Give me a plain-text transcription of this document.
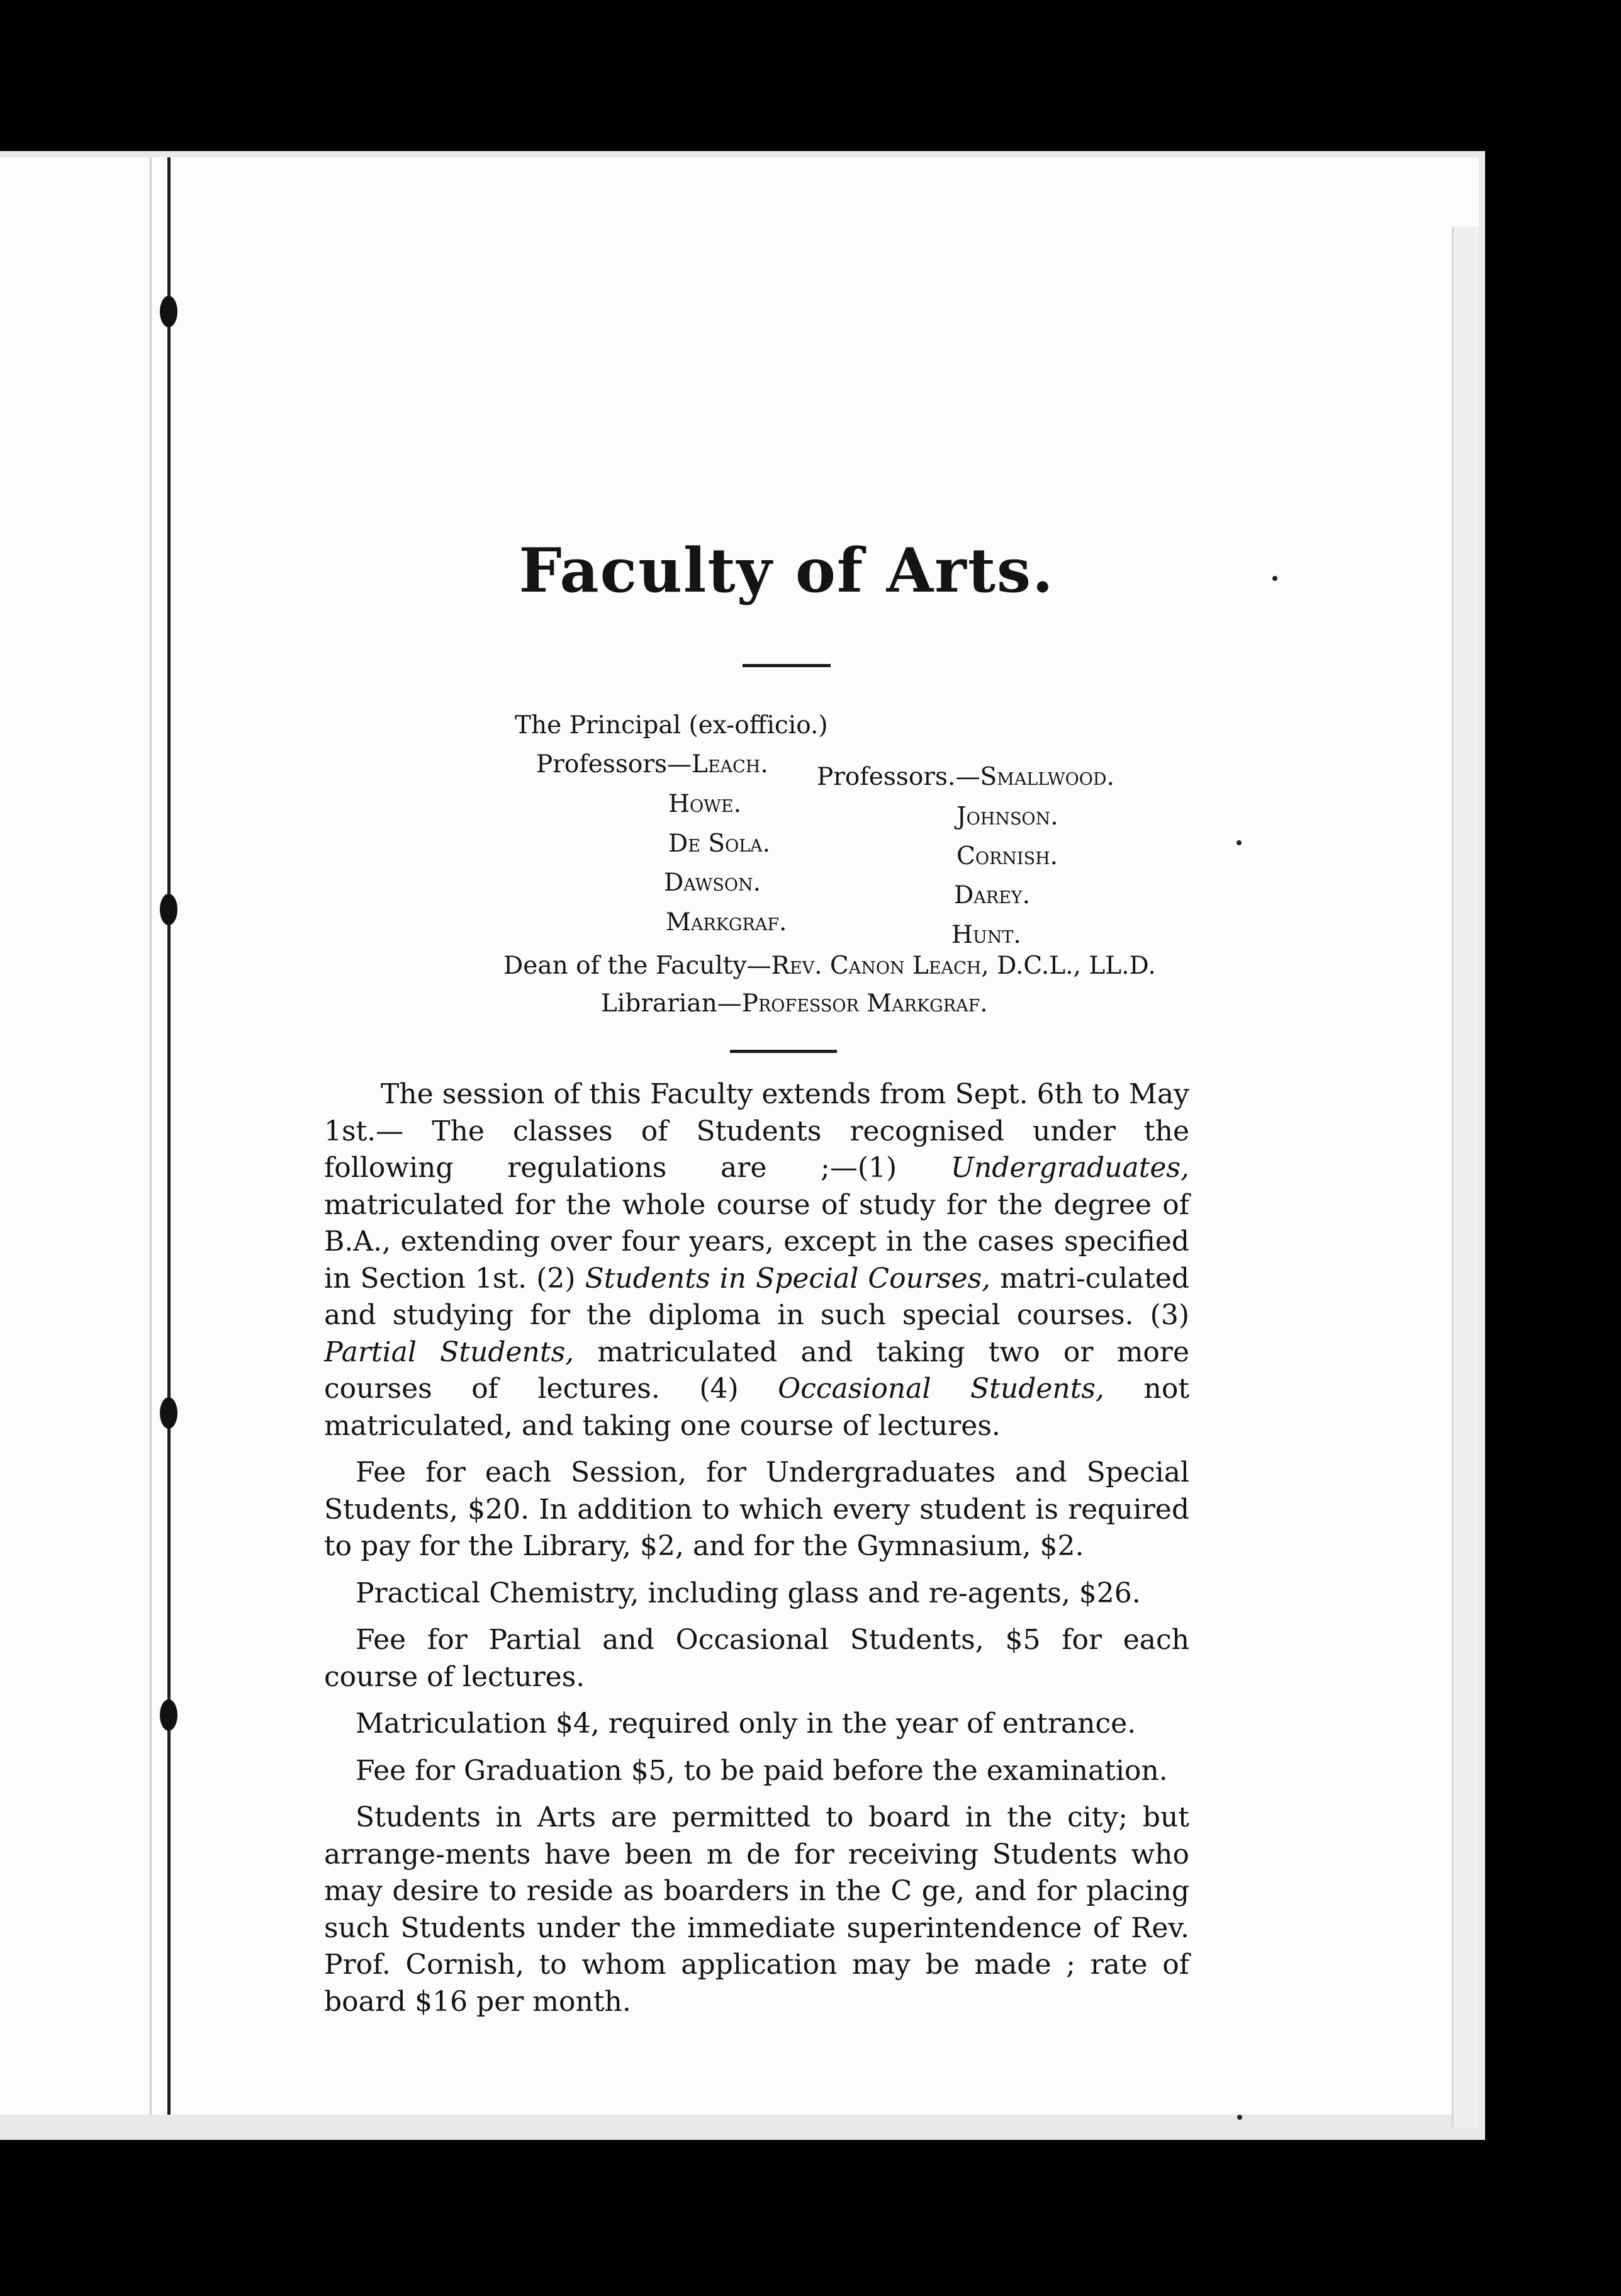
Faculty of Arts.
The Principal (ex-officio.)
Professors—Leach.
Howe.
De Sola.
Dawson.
Markgraf.
Professors.—Smallwood.
Johnson.
Cornish.
Darey.
Hunt.
Dean of the Faculty—Rev. Canon Leach, D.C.L., LL.D.
Librarian—Professor Markgraf.

The session of this Faculty extends from Sept. 6th to May 1st.— The classes of Students recognised under the following regulations are ;—(1) Undergraduates, matriculated for the whole course of study for the degree of B.A., extending over four years, except in the cases specified in Section 1st. (2) Students in Special Courses, matri-culated and studying for the diploma in such special courses. (3) Partial Students, matriculated and taking two or more courses of lectures. (4) Occasional Students, not matriculated, and taking one course of lectures.

Fee for each Session, for Undergraduates and Special Students, $20. In addition to which every student is required to pay for the Library, $2, and for the Gymnasium, $2.

Practical Chemistry, including glass and re-agents, $26.

Fee for Partial and Occasional Students, $5 for each course of lectures.

Matriculation $4, required only in the year of entrance.

Fee for Graduation $5, to be paid before the examination.

Students in Arts are permitted to board in the city; but arrange-ments have been m de for receiving Students who may desire to reside as boarders in the C ge, and for placing such Students under the immediate superintendence of Rev. Prof. Cornish, to whom application may be made ; rate of board $16 per month.
